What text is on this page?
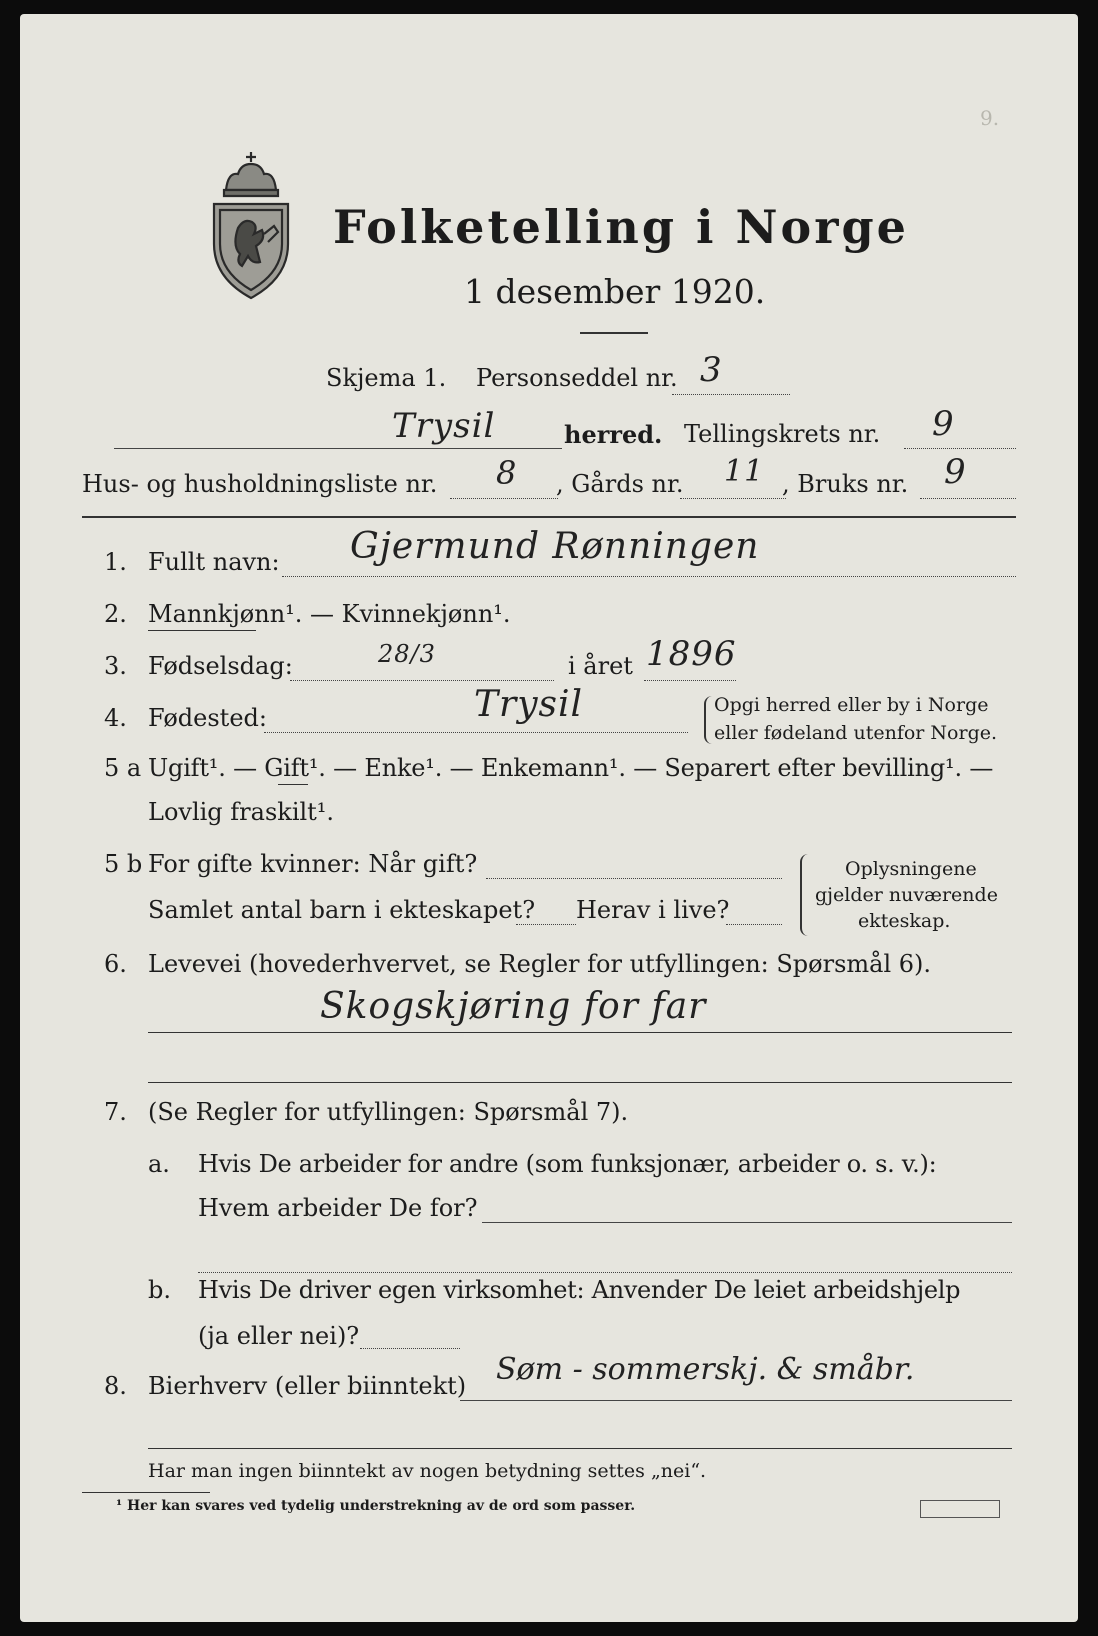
9.
Folketelling i Norge
1 desember 1920.
Skjema 1. Personseddel nr. 3
Trysil	herred. Tellingskrets nr. 9
Hus- og husholdningsliste nr. 8 , Gårds nr. 11 , Bruks nr. 9
1. Fullt navn: Gjermund Rønningen
2. Mannkjønn¹. — Kvinnekjønn¹.
3. Fødselsdag:	28/3	i året 1896
4. Fødested:	Trysil	Opgi herred eller by i Norge
eller fødeland utenfor Norge.
5 a Ugift¹. — Gift¹. — Enke¹. — Enkemann¹. — Separert efter bevilling¹. —
Lovlig fraskilt¹.
5 b For gifte kvinner: Når gift?
Samlet antal barn i ekteskapet? Herav i live?
Oplysningene
gjelder nuværende
ekteskap.
6. Levevei (hovederhvervet, se Regler for utfyllingen: Spørsmål 6).
Skogskjøring for far
7. (Se Regler for utfyllingen: Spørsmål 7).
a. Hvis De arbeider for andre (som funksjonær, arbeider o. s. v.):
Hvem arbeider De for?
b. Hvis De driver egen virksomhet: Anvender De leiet arbeidshjelp
(ja eller nei)?
8. Bierhverv (eller biinntekt) Søm - sommerskj. & småbr.
Har man ingen biinntekt av nogen betydning settes „nei“.
¹ Her kan svares ved tydelig understrekning av de ord som passer.
